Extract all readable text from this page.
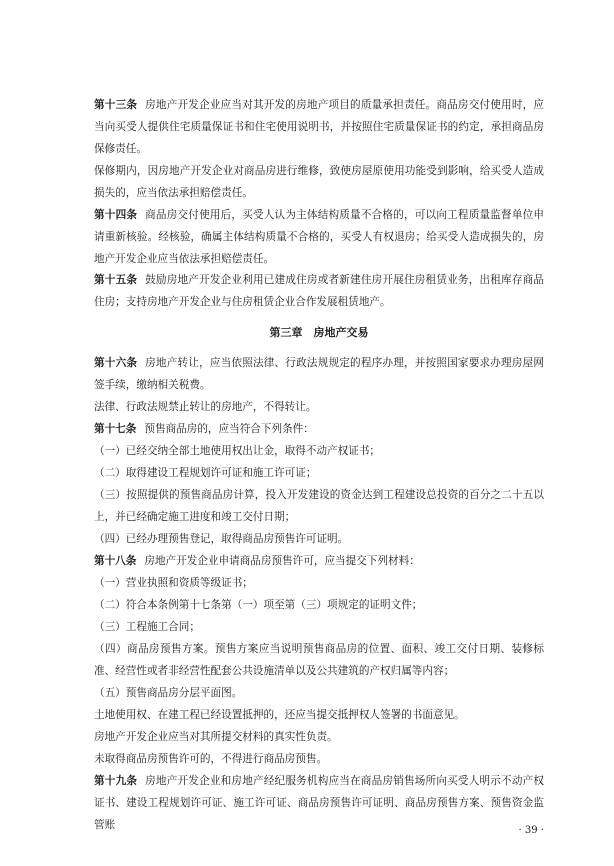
第十三条 房地产开发企业应当对其开发的房地产项目的质量承担责任。商品房交付使用时，应当向买受人提供住宅质量保证书和住宅使用说明书，并按照住宅质量保证书的约定，承担商品房保修责任。

保修期内，因房地产开发企业对商品房进行维修，致使房屋原使用功能受到影响，给买受人造成损失的，应当依法承担赔偿责任。

第十四条 商品房交付使用后，买受人认为主体结构质量不合格的，可以向工程质量监督单位申请重新核验。经核验，确属主体结构质量不合格的，买受人有权退房；给买受人造成损失的，房地产开发企业应当依法承担赔偿责任。

第十五条 鼓励房地产开发企业利用已建成住房或者新建住房开展住房租赁业务，出租库存商品住房；支持房地产开发企业与住房租赁企业合作发展租赁地产。

第三章　房地产交易

第十六条 房地产转让，应当依照法律、行政法规规定的程序办理，并按照国家要求办理房屋网签手续，缴纳相关税费。

法律、行政法规禁止转让的房地产，不得转让。

第十七条 预售商品房的，应当符合下列条件：

（一）已经交纳全部土地使用权出让金，取得不动产权证书；

（二）取得建设工程规划许可证和施工许可证；

（三）按照提供的预售商品房计算，投入开发建设的资金达到工程建设总投资的百分之二十五以上，并已经确定施工进度和竣工交付日期；

（四）已经办理预售登记，取得商品房预售许可证明。

第十八条 房地产开发企业申请商品房预售许可，应当提交下列材料：

（一）营业执照和资质等级证书；

（二）符合本条例第十七条第（一）项至第（三）项规定的证明文件；

（三）工程施工合同；

（四）商品房预售方案。预售方案应当说明预售商品房的位置、面积、竣工交付日期、装修标准、经营性或者非经营性配套公共设施清单以及公共建筑的产权归属等内容；

（五）预售商品房分层平面图。

土地使用权、在建工程已经设置抵押的，还应当提交抵押权人签署的书面意见。

房地产开发企业应当对其所提交材料的真实性负责。

未取得商品房预售许可的，不得进行商品房预售。

第十九条 房地产开发企业和房地产经纪服务机构应当在商品房销售场所向买受人明示不动产权证书、建设工程规划许可证、施工许可证、商品房预售许可证明、商品房预售方案、预售资金监管账	· 39 ·
